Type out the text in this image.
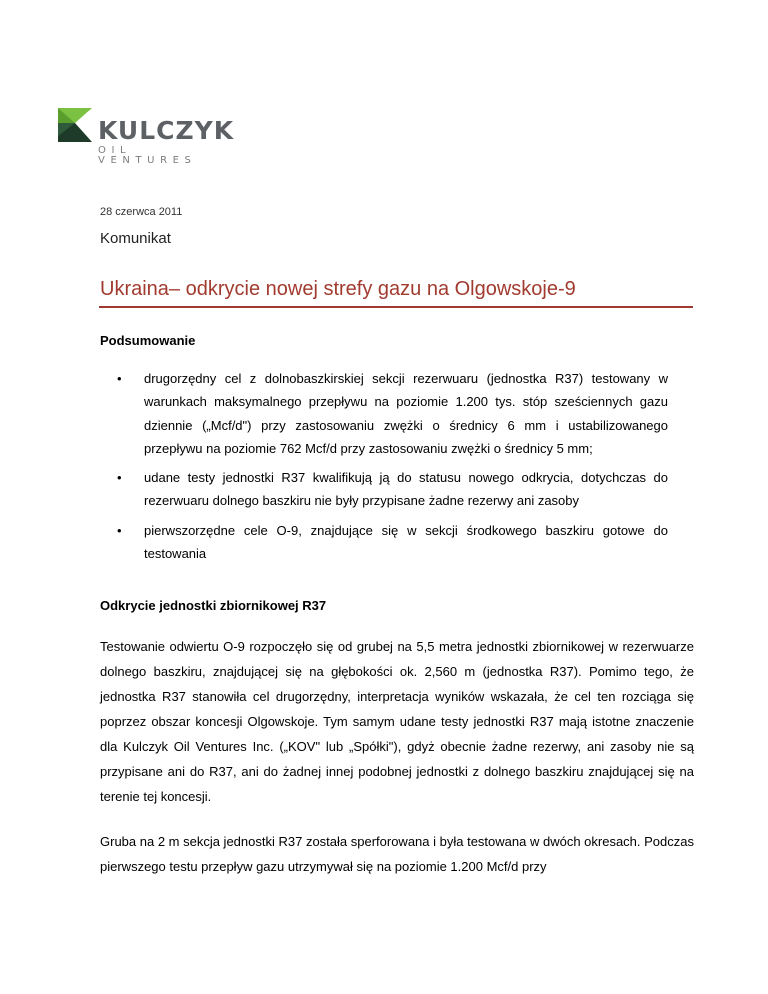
KULCZYK
OIL VENTURES
28 czerwca 2011
Komunikat
Ukraina– odkrycie nowej strefy gazu na Olgowskoje-9
Podsumowanie
• drugorzędny cel z dolnobaszkirskiej sekcji rezerwuaru (jednostka R37) testowany w warunkach maksymalnego przepływu na poziomie 1.200 tys. stóp sześciennych gazu dziennie („Mcf/d") przy zastosowaniu zwężki o średnicy 6 mm i ustabilizowanego przepływu na poziomie 762 Mcf/d przy zastosowaniu zwężki o średnicy 5 mm;
• udane testy jednostki R37 kwalifikują ją do statusu nowego odkrycia, dotychczas do rezerwuaru dolnego baszkiru nie były przypisane żadne rezerwy ani zasoby
• pierwszorzędne cele O-9, znajdujące się w sekcji środkowego baszkiru gotowe do testowania
Odkrycie jednostki zbiornikowej R37

Testowanie odwiertu O-9 rozpoczęło się od grubej na 5,5 metra jednostki zbiornikowej w rezerwuarze dolnego baszkiru, znajdującej się na głębokości ok. 2,560 m (jednostka R37). Pomimo tego, że jednostka R37 stanowiła cel drugorzędny, interpretacja wyników wskazała, że cel ten rozciąga się poprzez obszar koncesji Olgowskoje. Tym samym udane testy jednostki R37 mają istotne znaczenie dla Kulczyk Oil Ventures Inc. („KOV" lub „Spółki"), gdyż obecnie żadne rezerwy, ani zasoby nie są przypisane ani do R37, ani do żadnej innej podobnej jednostki z dolnego baszkiru znajdującej się na terenie tej koncesji.

Gruba na 2 m sekcja jednostki R37 została sperforowana i była testowana w dwóch okresach. Podczas pierwszego testu przepływ gazu utrzymywał się na poziomie 1.200 Mcf/d przy
